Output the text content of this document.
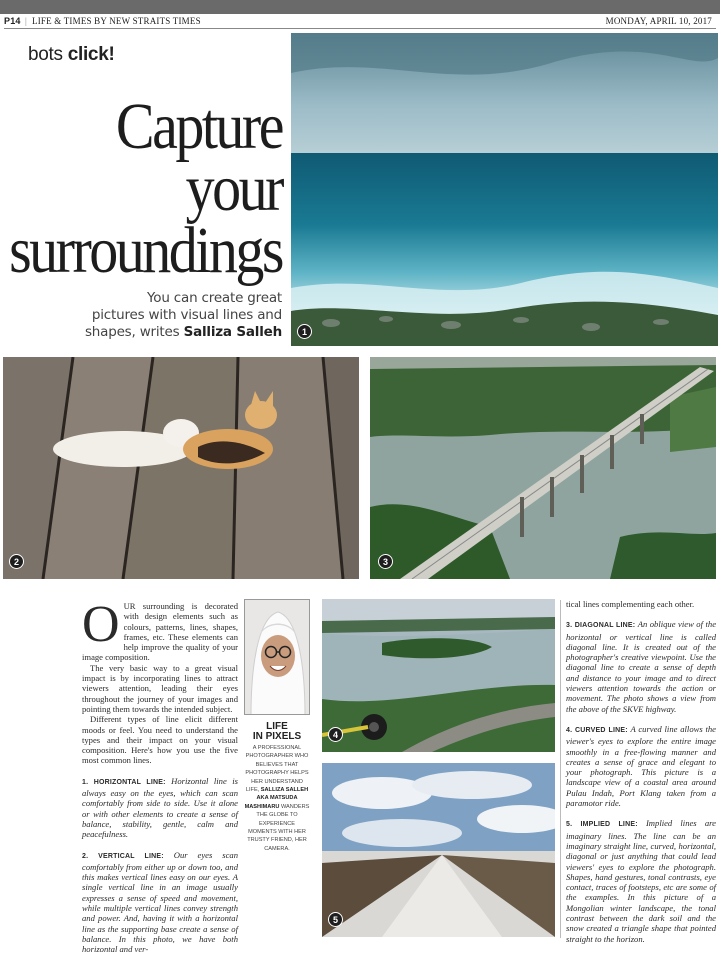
P14 | LIFE & TIMES BY NEW STRAITS TIMES	MONDAY, APRIL 10, 2017
bots click!
Capture
your
surroundings
You can create great
pictures with visual lines and
shapes, writes Salliza Salleh	1
2	3

OUR surrounding is decorated with design elements such as colours, patterns, lines, shapes, frames, etc. These elements can help improve the quality of your image composition.

The very basic way to a great visual impact is by incorporating lines to attract viewers attention, leading their eyes throughout the journey of your images and pointing them towards the intended subject.

Different types of line elicit different moods or feel. You need to understand the types and their impact on your visual composition. Here's how you use the five most common lines.

1. HORIZONTAL LINE: Horizontal line is always easy on the eyes, which can scan comfortably from side to side. Use it alone or with other elements to create a sense of balance, stability, gentle, calm and peacefulness.

2. VERTICAL LINE: Our eyes scan comfortably from either up or down too, and this makes vertical lines easy on our eyes. A single vertical line in an image usually expresses a sense of speed and movement, while multiple vertical lines convey strength and power. And, having it with a horizontal line as the supporting base create a sense of balance. In this photo, we have both horizontal and ver-

LIFE
IN PIXELS
A PROFESSIONAL PHOTOGRAPHER WHO BELIEVES THAT PHOTOGRAPHY HELPS HER UNDERSTAND LIFE, SALLIZA SALLEH AKA MATSUDA MASHIMARU WANDERS THE GLOBE TO EXPERIENCE MOMENTS WITH HER TRUSTY FRIEND, HER CAMERA.
4
5

tical lines complementing each other.

3. DIAGONAL LINE: An oblique view of the horizontal or vertical line is called diagonal line. It is created out of the photographer's creative viewpoint. Use the diagonal line to create a sense of depth and distance to your image and to direct viewers attention towards the action or movement. The photo shows a view from the above of the SKVE highway.

4. CURVED LINE: A curved line allows the viewer's eyes to explore the entire image smoothly in a free-flowing manner and creates a sense of grace and elegant to your photograph. This picture is a landscape view of a coastal area around Pulau Indah, Port Klang taken from a paramotor ride.

5. IMPLIED LINE: Implied lines are imaginary lines. The line can be an imaginary straight line, curved, horizontal, diagonal or just anything that could lead viewers' eyes to explore the photograph. Shapes, hand gestures, tonal contrasts, eye contact, traces of footsteps, etc are some of the examples. In this picture of a Mongolian winter landscape, the tonal contrast between the dark soil and the snow created a triangle shape that pointed straight to the horizon.
